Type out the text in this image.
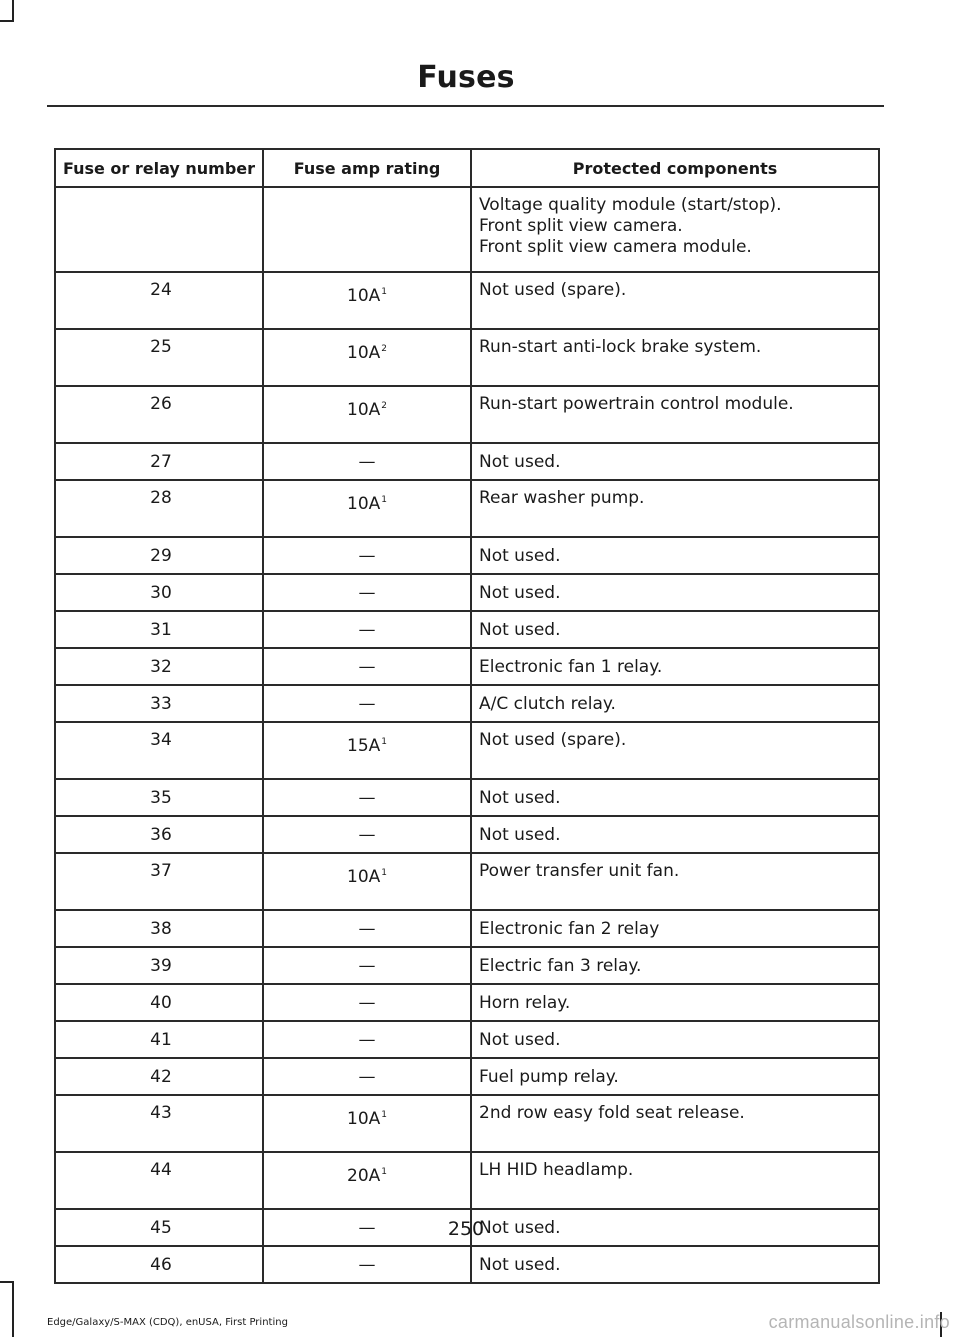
Fuses
Fuse or relay number	Fuse amp rating	Protected components

		Voltage quality module (start/stop).
Front split view camera.
Front split view camera module.

24	$10A^1$	Not used (spare).
25	$10A^2$	Run-start anti-lock brake system.
26	$10A^2$	Run-start powertrain control module.
27	—	Not used.
28	$10A^1$	Rear washer pump.
29	—	Not used.
30	—	Not used.
31	—	Not used.
32	—	Electronic fan 1 relay.
33	—	A/C clutch relay.
34	$15A^1$	Not used (spare).
35	—	Not used.
36	—	Not used.
37	$10A^1$	Power transfer unit fan.
38	—	Electronic fan 2 relay
39	—	Electric fan 3 relay.
40	—	Horn relay.
41	—	Not used.
42	—	Fuel pump relay.
43	$10A^1$	2nd row easy fold seat release.
44	$20A^1$	LH HID headlamp.
45	—	Not used.
46	—	Not used.
250
Edge/Galaxy/S-MAX (CDQ), enUSA, First Printing	carmanualsonline.info
